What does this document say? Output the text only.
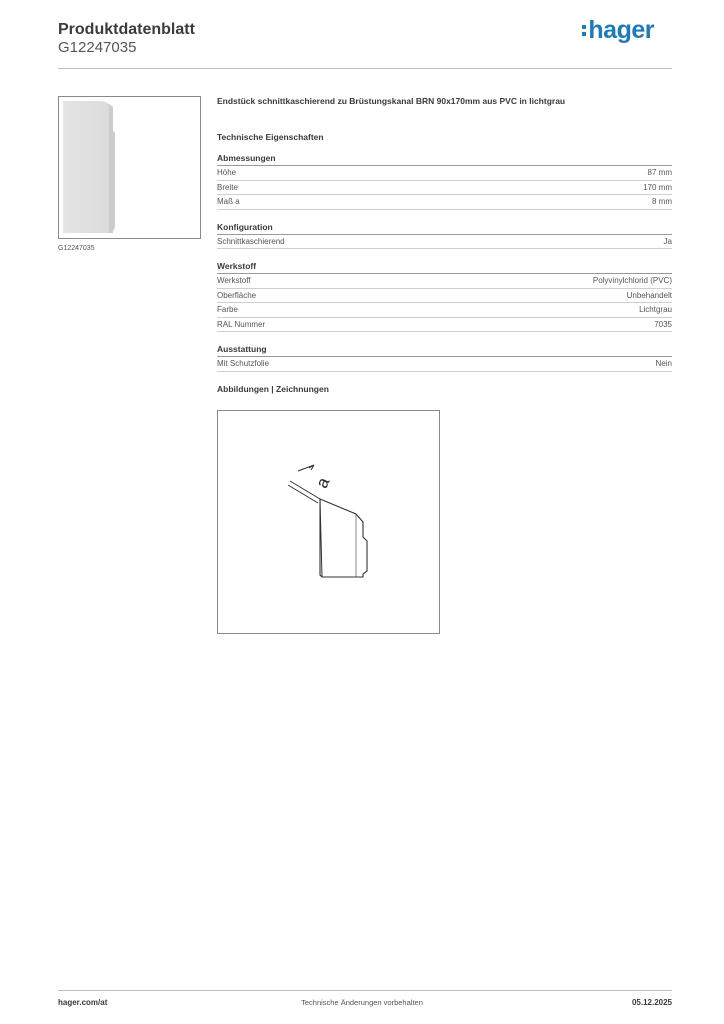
Produktdatenblatt
G12247035
hager
G12247035
Endstück schnittkaschierend zu Brüstungskanal BRN 90x170mm aus PVC in lichtgrau
Technische Eigenschaften
Abmessungen
Höhe	87 mm
Breite	170 mm
Maß a	8 mm
Konfiguration
Schnittkaschierend	Ja
Werkstoff
Werkstoff	Polyvinylchlorid (PVC)
Oberfläche	Unbehandelt
Farbe	Lichtgrau
RAL Nummer	7035
Ausstattung
Mit Schutzfolie	Nein
Abbildungen | Zeichnungen
a
hager.com/at	Technische Änderungen vorbehalten	05.12.2025
